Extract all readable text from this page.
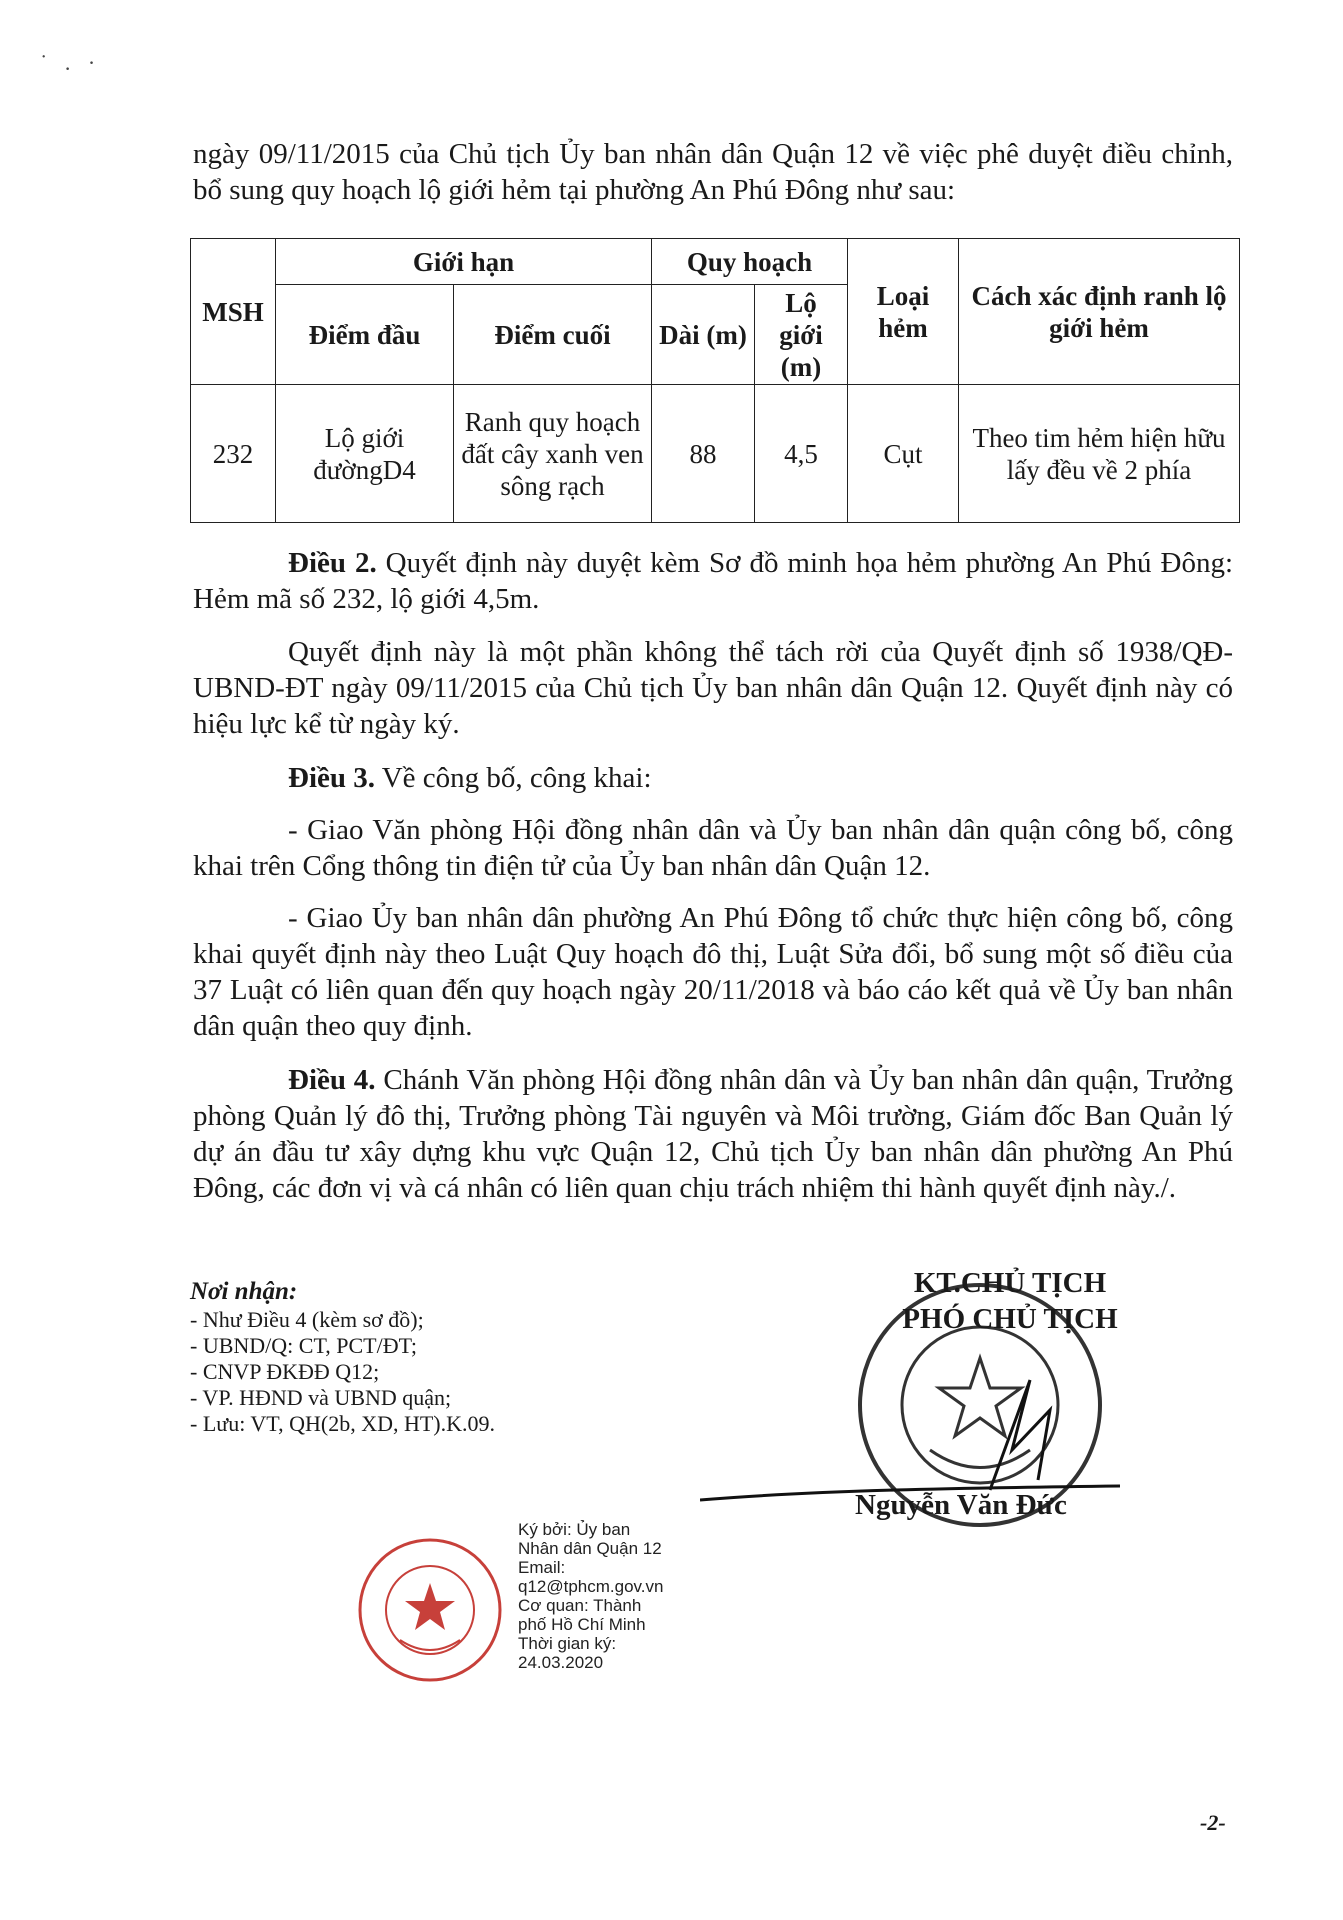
˙ . ·
ngày 09/11/2015 của Chủ tịch Ủy ban nhân dân Quận 12 về việc phê duyệt điều chỉnh, bổ sung quy hoạch lộ giới hẻm tại phường An Phú Đông như sau:
MSH	Giới hạn		Quy hoạch		Loại hẻm	Cách xác định ranh lộ giới hẻm
	Điểm đầu	Điểm cuối	Dài (m)	Lộ giới (m)		
232	Lộ giới đườngD4	Ranh quy hoạch đất cây xanh ven sông rạch	88	4,5	Cụt	Theo tim hẻm hiện hữu lấy đều về 2 phía
Điều 2. Quyết định này duyệt kèm Sơ đồ minh họa hẻm phường An Phú Đông: Hẻm mã số 232, lộ giới 4,5m.
Quyết định này là một phần không thể tách rời của Quyết định số 1938/QĐ-UBND-ĐT ngày 09/11/2015 của Chủ tịch Ủy ban nhân dân Quận 12. Quyết định này có hiệu lực kể từ ngày ký.
Điều 3. Về công bố, công khai:
- Giao Văn phòng Hội đồng nhân dân và Ủy ban nhân dân quận công bố, công khai trên Cổng thông tin điện tử của Ủy ban nhân dân Quận 12.
- Giao Ủy ban nhân dân phường An Phú Đông tổ chức thực hiện công bố, công khai quyết định này theo Luật Quy hoạch đô thị, Luật Sửa đổi, bổ sung một số điều của 37 Luật có liên quan đến quy hoạch ngày 20/11/2018 và báo cáo kết quả về Ủy ban nhân dân quận theo quy định.
Điều 4. Chánh Văn phòng Hội đồng nhân dân và Ủy ban nhân dân quận, Trưởng phòng Quản lý đô thị, Trưởng phòng Tài nguyên và Môi trường, Giám đốc Ban Quản lý dự án đầu tư xây dựng khu vực Quận 12, Chủ tịch Ủy ban nhân dân phường An Phú Đông, các đơn vị và cá nhân có liên quan chịu trách nhiệm thi hành quyết định này./.
Nơi nhận:
- Như Điều 4 (kèm sơ đồ);
- UBND/Q: CT, PCT/ĐT;
- CNVP ĐKĐĐ Q12;
- VP. HĐND và UBND quận;
- Lưu: VT, QH(2b, XD, HT).K.09.
KT.CHỦ TỊCH
PHÓ CHỦ TỊCH
Nguyễn Văn Đức
Ký bởi: Ủy ban
Nhân dân Quận 12
Email:
q12@tphcm.gov.vn
Cơ quan: Thành
phố Hồ Chí Minh
Thời gian ký:
24.03.2020
-2-
